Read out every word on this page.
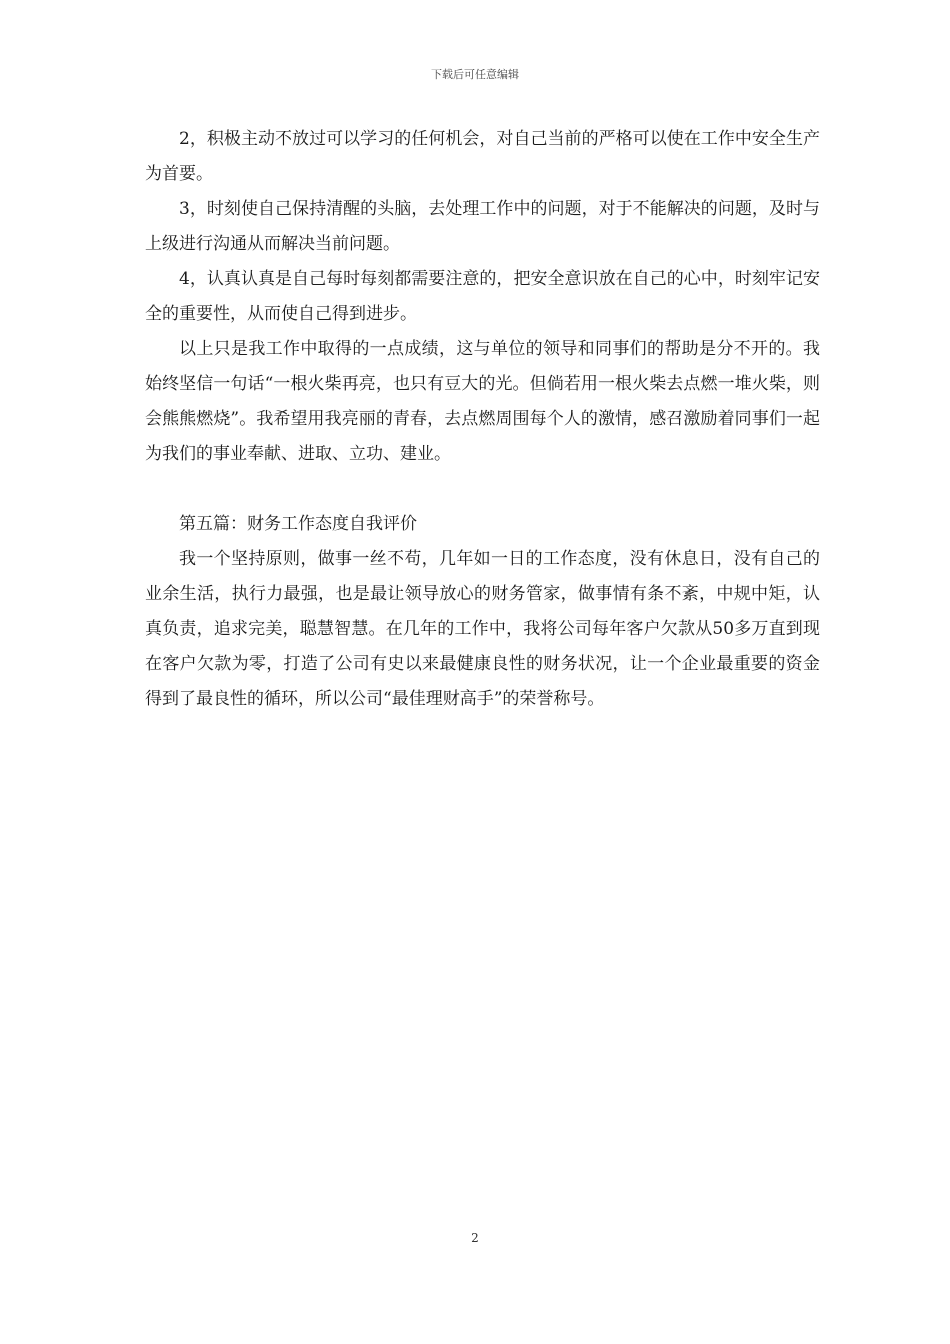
下载后可任意编辑

2，积极主动不放过可以学习的任何机会，对自己当前的严格可以使在工作中安全生产为首要。

3，时刻使自己保持清醒的头脑，去处理工作中的问题，对于不能解决的问题，及时与上级进行沟通从而解决当前问题。

4，认真认真是自己每时每刻都需要注意的，把安全意识放在自己的心中，时刻牢记安全的重要性，从而使自己得到进步。

以上只是我工作中取得的一点成绩，这与单位的领导和同事们的帮助是分不开的。我始终坚信一句话“一根火柴再亮，也只有豆大的光。但倘若用一根火柴去点燃一堆火柴，则会熊熊燃烧”。我希望用我亮丽的青春，去点燃周围每个人的激情，感召激励着同事们一起为我们的事业奉献、进取、立功、建业。

第五篇：财务工作态度自我评价

我一个坚持原则，做事一丝不苟，几年如一日的工作态度，没有休息日，没有自己的业余生活，执行力最强，也是最让领导放心的财务管家，做事情有条不紊，中规中矩，认真负责，追求完美，聪慧智慧。在几年的工作中，我将公司每年客户欠款从50多万直到现在客户欠款为零，打造了公司有史以来最健康良性的财务状况，让一个企业最重要的资金得到了最良性的循环，所以公司“最佳理财高手”的荣誉称号。

2
